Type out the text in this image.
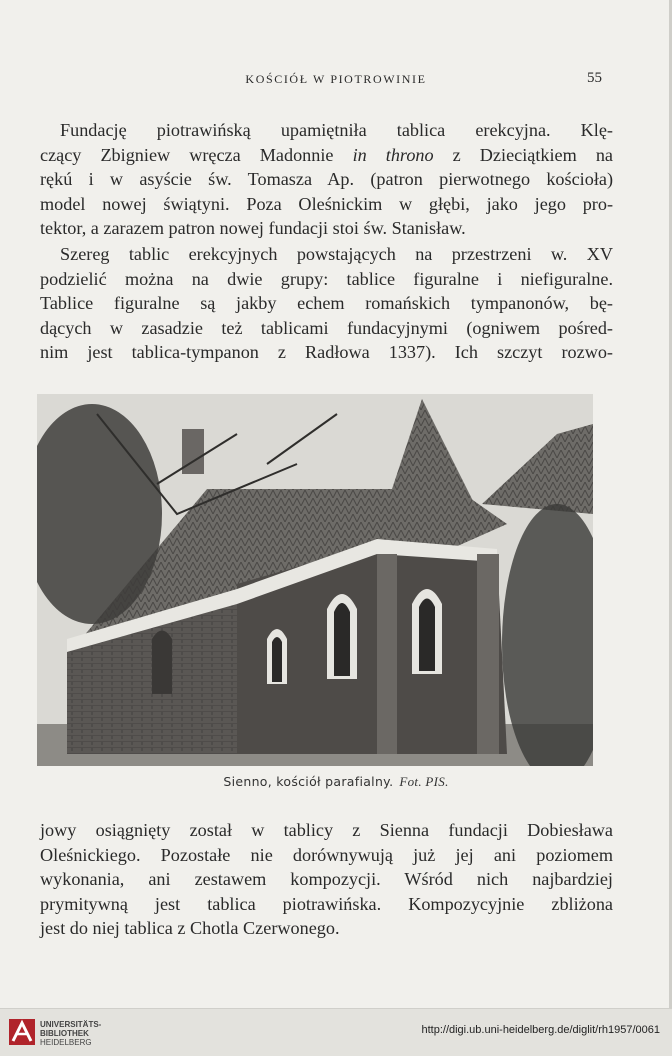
KOŚCIÓŁ W PIOTROWINIE	55
Fundację piotrawińską upamiętniła tablica erekcyjna. Klę-
czący Zbigniew wręcza Madonnie in throno z Dzieciątkiem na
rękú i w asyście św. Tomasza Ap. (patron pierwotnego kościoła)
model nowej świątyni. Poza Oleśnickim w głębi, jako jego pro-
tektor, a zarazem patron nowej fundacji stoi św. Stanisław.
Szereg tablic erekcyjnych powstających na przestrzeni w. XV
podzielić można na dwie grupy: tablice figuralne i niefiguralne.
Tablice figuralne są jakby echem romańskich tympanonów, bę-
dących w zasadzie też tablicami fundacyjnymi (ogniwem pośred-
nim jest tablica-tympanon z Radłowa 1337). Ich szczyt rozwo-
Sienno, kościół parafialny. Fot. PIS.
jowy osiągnięty został w tablicy z Sienna fundacji Dobiesława
Oleśnickiego. Pozostałe nie dorównywują już jej ani poziomem
wykonania, ani zestawem kompozycji. Wśród nich najbardziej
prymitywną jest tablica piotrawińska. Kompozycyjnie zbliżona
jest do niej tablica z Chotla Czerwonego.
UNIVERSITÄTS-
BIBLIOTHEK
HEIDELBERG
http://digi.ub.uni-heidelberg.de/diglit/rh1957/0061
